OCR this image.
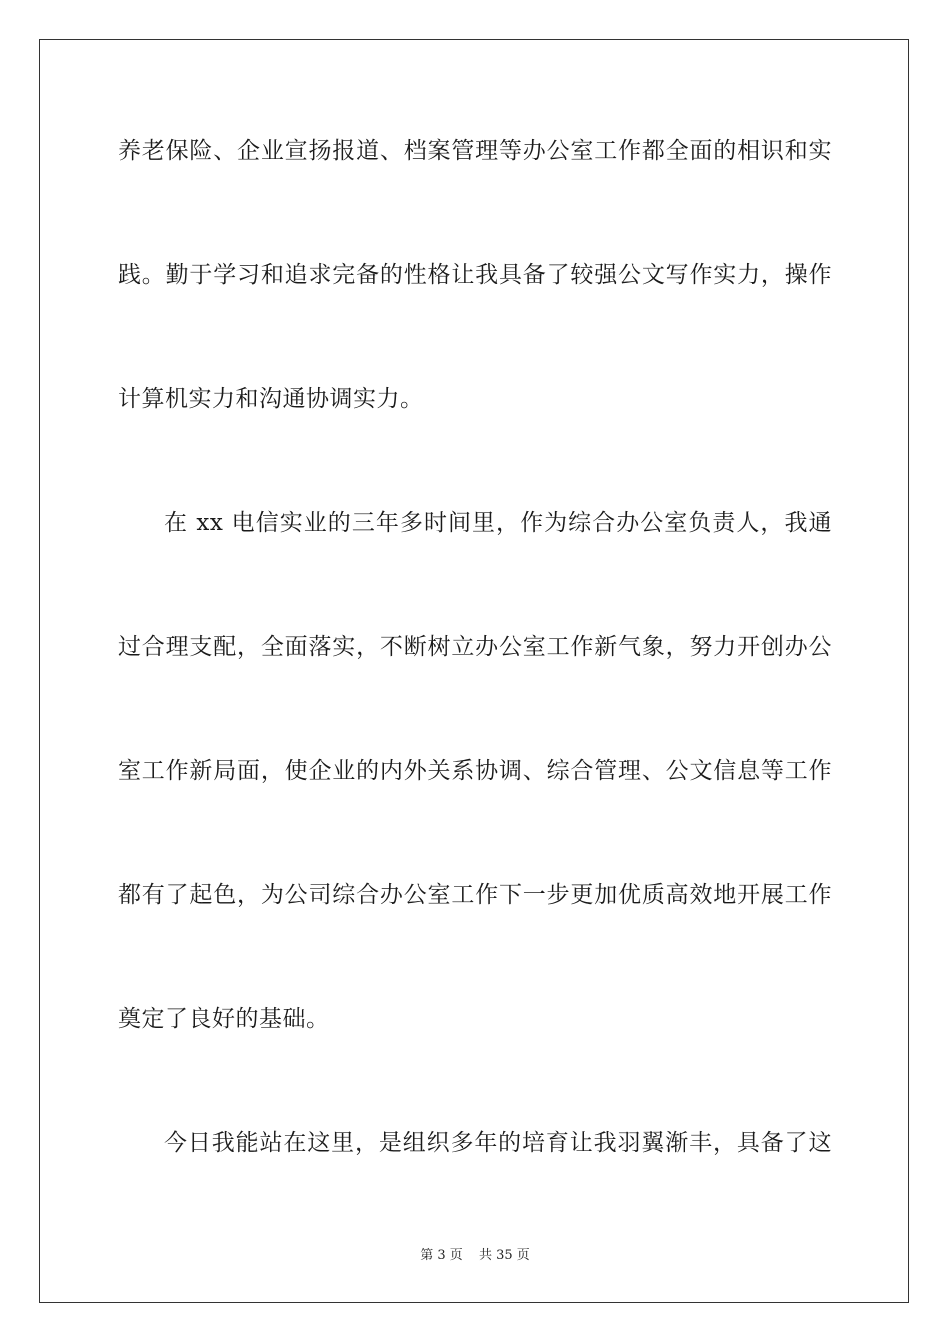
养老保险、企业宣扬报道、档案管理等办公室工作都全面的相识和实
践。勤于学习和追求完备的性格让我具备了较强公文写作实力，操作
计算机实力和沟通协调实力。
在 xx 电信实业的三年多时间里，作为综合办公室负责人，我通
过合理支配，全面落实，不断树立办公室工作新气象，努力开创办公
室工作新局面，使企业的内外关系协调、综合管理、公文信息等工作
都有了起色，为公司综合办公室工作下一步更加优质高效地开展工作
奠定了良好的基础。
今日我能站在这里，是组织多年的培育让我羽翼渐丰，具备了这
第 3 页 共 35 页
